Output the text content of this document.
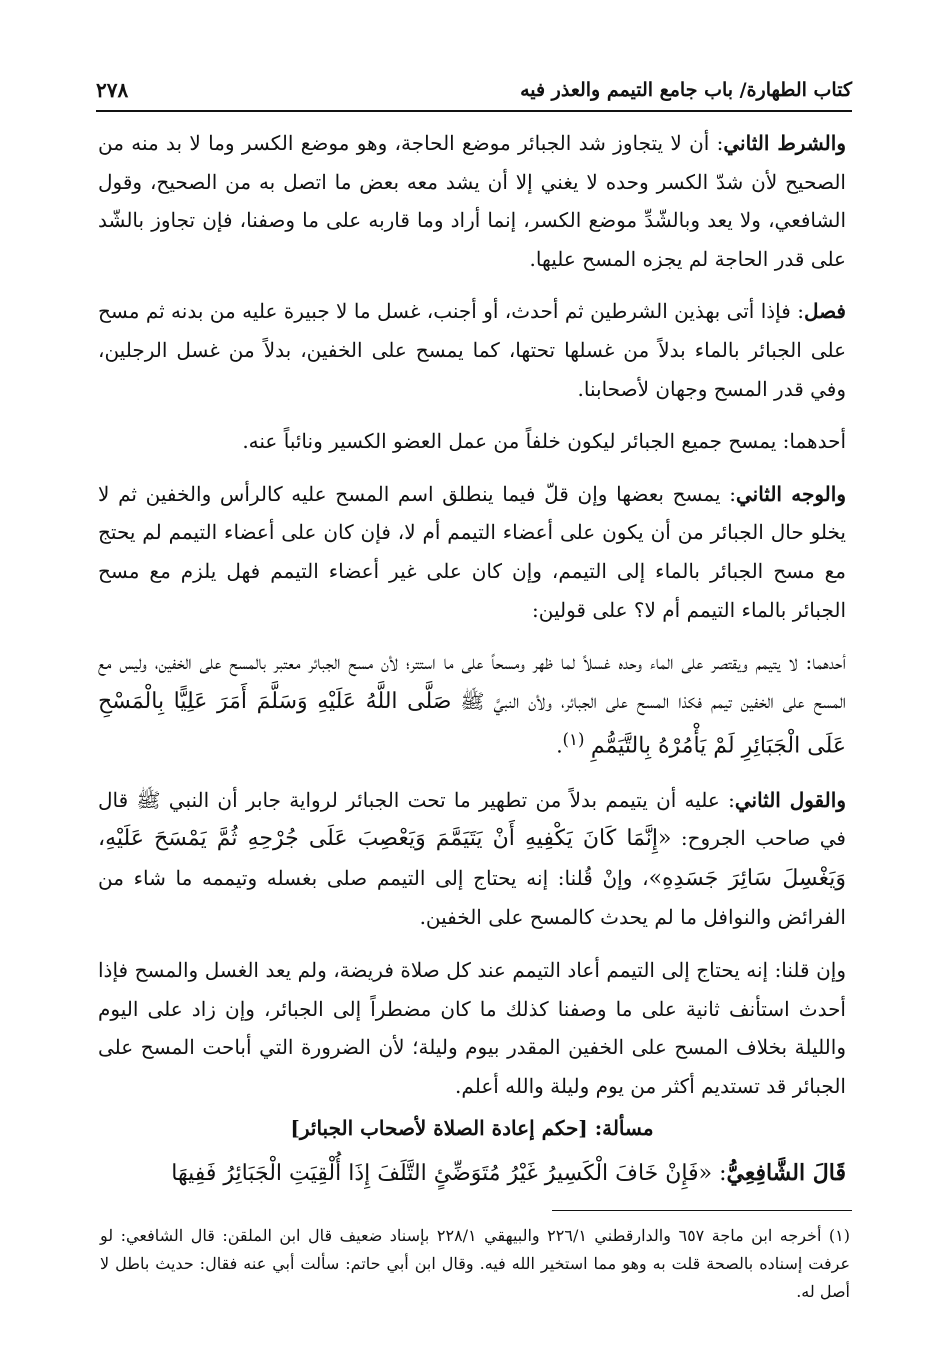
كتاب الطهارة/ باب جامع التيمم والعذر فيه
٢٧٨

والشرط الثاني: أن لا يتجاوز شد الجبائر موضع الحاجة، وهو موضع الكسر وما لا بد منه من الصحيح لأن شدّ الكسر وحده لا يغني إلا أن يشد معه بعض ما اتصل به من الصحيح، وقول الشافعي، ولا يعد وبالشّدِّ موضع الكسر، إنما أراد وما قاربه على ما وصفنا، فإن تجاوز بالشّد على قدر الحاجة لم يجزه المسح عليها.

فصل: فإذا أتى بهذين الشرطين ثم أحدث، أو أجنب، غسل ما لا جبيرة عليه من بدنه ثم مسح على الجبائر بالماء بدلاً من غسلها تحتها، كما يمسح على الخفين، بدلاً من غسل الرجلين، وفي قدر المسح وجهان لأصحابنا.

أحدهما: يمسح جميع الجبائر ليكون خلفاً من عمل العضو الكسير ونائباً عنه.

والوجه الثاني: يمسح بعضها وإن قلّ فيما ينطلق اسم المسح عليه كالرأس والخفين ثم لا يخلو حال الجبائر من أن يكون على أعضاء التيمم أم لا، فإن كان على أعضاء التيمم لم يحتج مع مسح الجبائر بالماء إلى التيمم، وإن كان على غير أعضاء التيمم فهل يلزم مع مسح الجبائر بالماء التيمم أم لا؟ على قولين:

أحدهما: لا يتيمم ويقتصر على الماء وحده غسلاً لما ظهر ومسحاً على ما استتر؛ لأن مسح الجبائر معتبر بالمسح على الخفين، وليس مع المسح على الخفين تيمم فكذا المسح على الجبائر، ولأن النبيَّ ﷺ صَلَّى اللَّهُ عَلَيْهِ وَسَلَّمَ أَمَرَ عَلِيًّا بِالْمَسْحِ عَلَى الْجَبَائِرِ لَمْ يَأْمُرْهُ بِالتَّيَمُّمِ $^{(١)}$.

والقول الثاني: عليه أن يتيمم بدلاً من تطهير ما تحت الجبائر لرواية جابر أن النبي ﷺ قال في صاحب الجروح: «إِنَّمَا كَانَ يَكْفِيهِ أَنْ يَتَيَمَّمَ وَيَعْصِبَ عَلَى جُرْحِهِ ثُمَّ يَمْسَحَ عَلَيْهِ، وَيَغْسِلَ سَائِرَ جَسَدِهِ»، وإنْ قُلنا: إنه يحتاج إلى التيمم صلى بغسله وتيممه ما شاء من الفرائض والنوافل ما لم يحدث كالمسح على الخفين.

وإن قلنا: إنه يحتاج إلى التيمم أعاد التيمم عند كل صلاة فريضة، ولم يعد الغسل والمسح فإذا أحدث استأنف ثانية على ما وصفنا كذلك ما كان مضطراً إلى الجبائر، وإن زاد على اليوم والليلة بخلاف المسح على الخفين المقدر بيوم وليلة؛ لأن الضرورة التي أباحت المسح على الجبائر قد تستديم أكثر من يوم وليلة والله أعلم.

مسألة: [حكم إعادة الصلاة لأصحاب الجبائر]

قَالَ الشَّافِعِيُّ: «فَإِنْ خَافَ الْكَسِيرُ غَيْرُ مُتَوَضِّئٍ التَّلَفَ إِذَا أُلْقِيَتِ الْجَبَائِرُ فَفِيهَا

(١) أخرجه ابن ماجة ٦٥٧ والدارقطني ٢٢٦/١ والبيهقي ٢٢٨/١ بإسناد ضعيف قال ابن الملقن: قال الشافعي: لو عرفت إسناده بالصحة قلت به وهو مما استخير الله فيه. وقال ابن أبي حاتم: سألت أبي عنه فقال: حديث باطل لا أصل له.
